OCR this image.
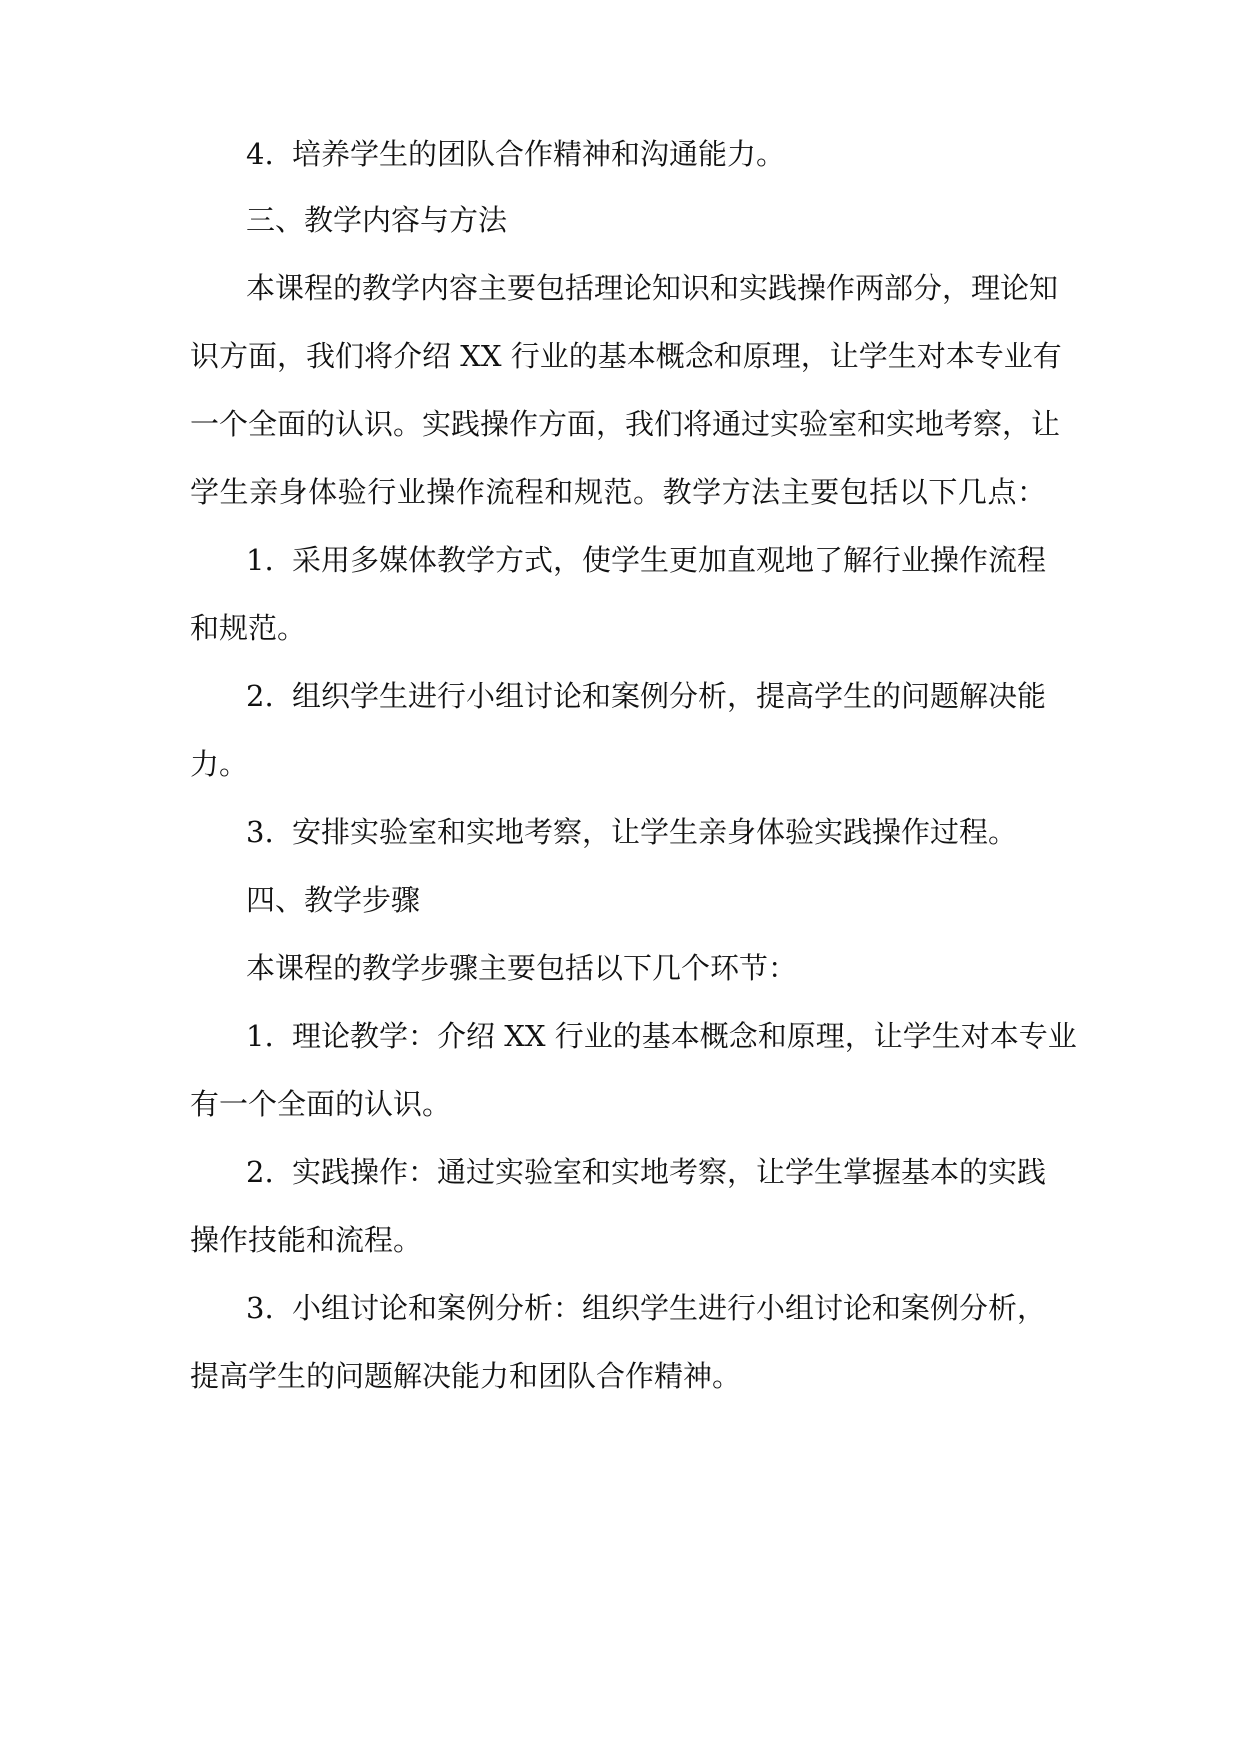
4. 培养学生的团队合作精神和沟通能力。
三、教学内容与方法
本课程的教学内容主要包括理论知识和实践操作两部分，理论知
识方面，我们将介绍 XX 行业的基本概念和原理，让学生对本专业有
一个全面的认识。实践操作方面，我们将通过实验室和实地考察，让
学生亲身体验行业操作流程和规范。教学方法主要包括以下几点：
1. 采用多媒体教学方式，使学生更加直观地了解行业操作流程
和规范。
2. 组织学生进行小组讨论和案例分析，提高学生的问题解决能
力。
3. 安排实验室和实地考察，让学生亲身体验实践操作过程。
四、教学步骤
本课程的教学步骤主要包括以下几个环节：
1. 理论教学：介绍 XX 行业的基本概念和原理，让学生对本专业
有一个全面的认识。
2. 实践操作：通过实验室和实地考察，让学生掌握基本的实践
操作技能和流程。
3. 小组讨论和案例分析：组织学生进行小组讨论和案例分析，
提高学生的问题解决能力和团队合作精神。
